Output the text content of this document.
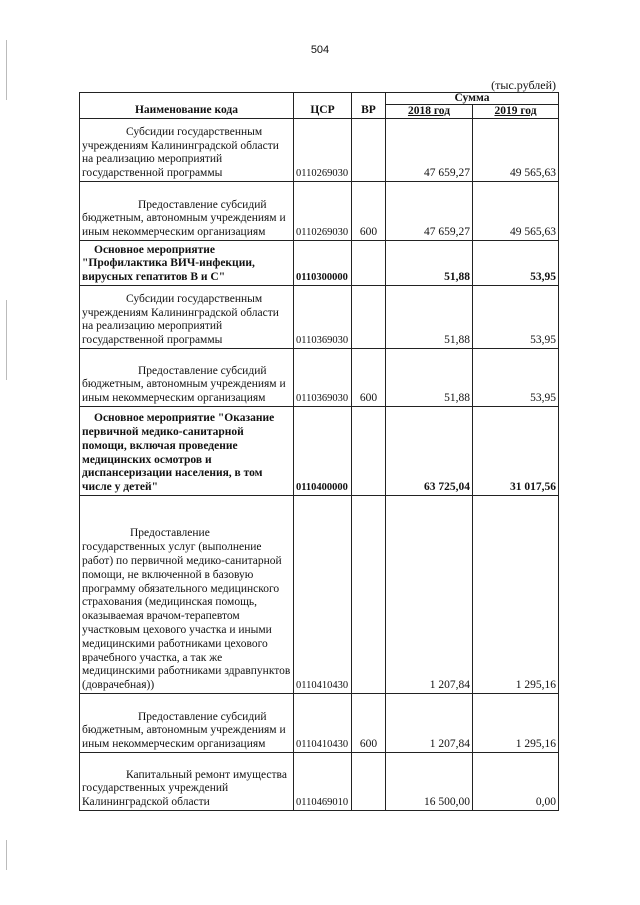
504
(тыс.рублей)
Наименование кода	ЦСР	ВР	Сумма	
			2018 год	2019 год
Субсидии государственным учреждениям Калининградской области на реализацию мероприятий государственной программы	0110269030		47 659,27	49 565,63
Предоставление субсидий бюджетным, автономным учреждениям и иным некоммерческим организациям	0110269030	600	47 659,27	49 565,63
Основное мероприятие "Профилактика ВИЧ-инфекции, вирусных гепатитов В и С"	0110300000		51,88	53,95
Субсидии государственным учреждениям Калининградской области на реализацию мероприятий государственной программы	0110369030		51,88	53,95
Предоставление субсидий бюджетным, автономным учреждениям и иным некоммерческим организациям	0110369030	600	51,88	53,95
Основное мероприятие "Оказание первичной медико-санитарной помощи, включая проведение медицинских осмотров и диспансеризации населения, в том числе у детей"	0110400000		63 725,04	31 017,56
Предоставление государственных услуг (выполнение работ) по первичной медико-санитарной помощи, не включенной в базовую программу обязательного медицинского страхования (медицинская помощь, оказываемая врачом-терапевтом участковым цехового участка и иными медицинскими работниками цехового врачебного участка, а так же медицинскими работниками здравпунктов (доврачебная))	0110410430		1 207,84	1 295,16
Предоставление субсидий бюджетным, автономным учреждениям и иным некоммерческим организациям	0110410430	600	1 207,84	1 295,16
Капитальный ремонт имущества государственных учреждений Калининградской области	0110469010		16 500,00	0,00
